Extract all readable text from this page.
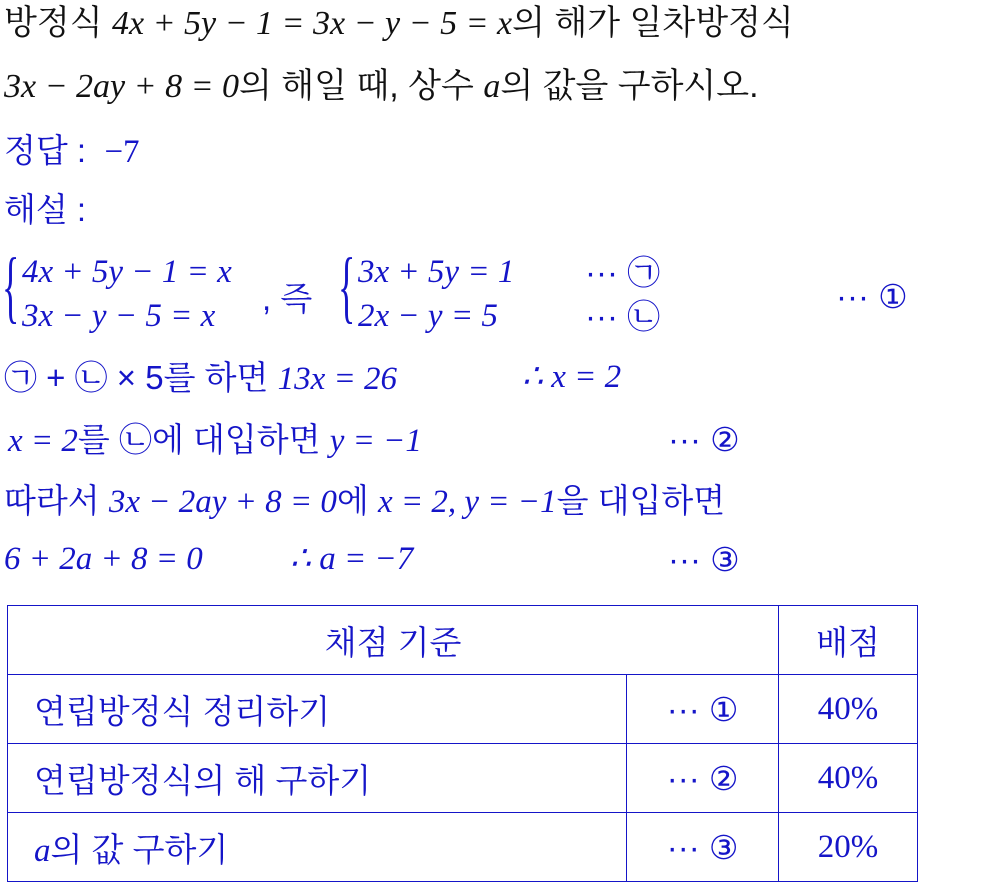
방정식 4x + 5y − 1 = 3x − y − 5 = x의 해가 일차방정식
3x − 2ay + 8 = 0의 해일 때, 상수 a의 값을 구하시오.
정답 : −7
해설 :
{ 4x + 5y − 1 = x
3x − y − 5 = x , 즉 { 3x + 5y = 1
2x − y = 5
··· ㉠
··· ㉡
··· ①
㉠ + ㉡ × 5를 하면 13x = 26	∴ x = 2
x = 2를 ㉡에 대입하면 y = −1	··· ②
따라서 3x − 2ay + 8 = 0에 x = 2, y = −1을 대입하면
6 + 2a + 8 = 0	∴ a = −7	··· ③
채점 기준		배점
연립방정식 정리하기	··· ①	40%
연립방정식의 해 구하기	··· ②	40%
a의 값 구하기	··· ③	20%
